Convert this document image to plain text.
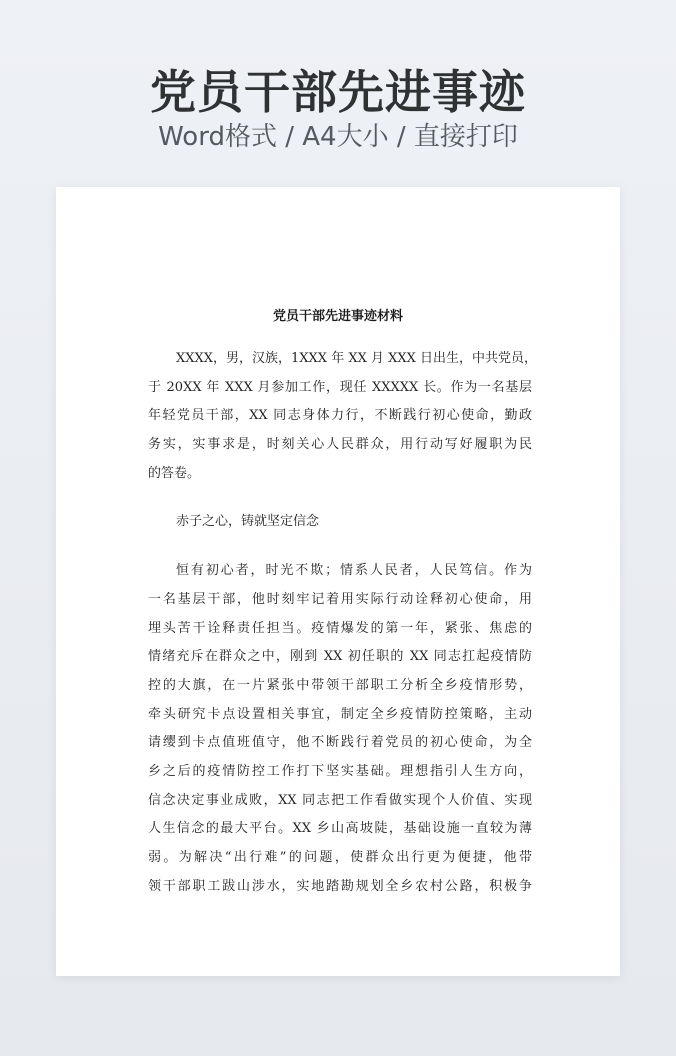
党员干部先进事迹
Word格式 / A4大小 / 直接打印
党员干部先进事迹材料
XXXX，男，汉族，1XXX 年 XX 月 XXX 日出生，中共党员，
于 20XX 年 XXX 月参加工作，现任 XXXXX 长。作为一名基层
年轻党员干部，XX 同志身体力行，不断践行初心使命，勤政
务实，实事求是，时刻关心人民群众，用行动写好履职为民
的答卷。
赤子之心，铸就坚定信念
恒有初心者，时光不欺；情系人民者，人民笃信。作为
一名基层干部，他时刻牢记着用实际行动诠释初心使命，用
埋头苦干诠释责任担当。疫情爆发的第一年，紧张、焦虑的
情绪充斥在群众之中，刚到 XX 初任职的 XX 同志扛起疫情防
控的大旗，在一片紧张中带领干部职工分析全乡疫情形势，
牵头研究卡点设置相关事宜，制定全乡疫情防控策略，主动
请缨到卡点值班值守，他不断践行着党员的初心使命，为全
乡之后的疫情防控工作打下坚实基础。理想指引人生方向，
信念决定事业成败，XX 同志把工作看做实现个人价值、实现
人生信念的最大平台。XX 乡山高坡陡，基础设施一直较为薄
弱。为解决“出行难”的问题，使群众出行更为便捷，他带
领干部职工跋山涉水，实地踏勘规划全乡农村公路，积极争
